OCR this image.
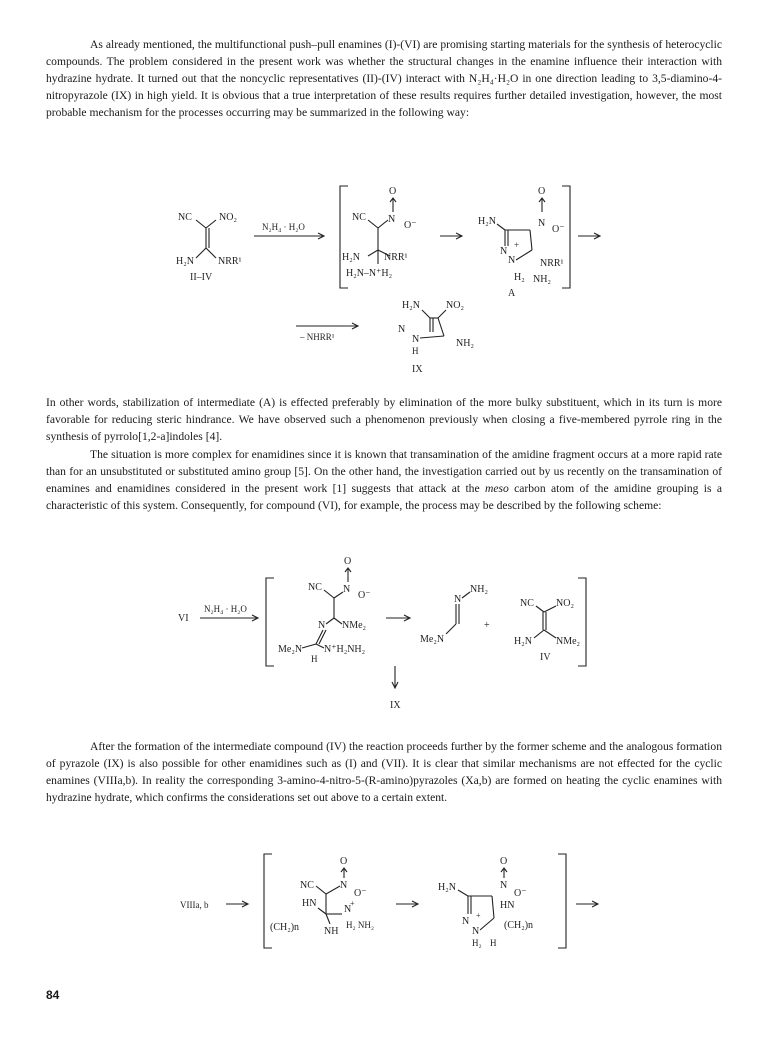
As already mentioned, the multifunctional push–pull enamines (I)-(VI) are promising starting materials for the synthesis of heterocyclic compounds. The problem considered in the present work was whether the structural changes in the enamine influence their interaction with hydrazine hydrate. It turned out that the noncyclic representatives (II)-(IV) interact with N₂H₄·H₂O in one direction leading to 3,5-diamino-4-nitropyrazole (IX) in high yield. It is obvious that a true interpretation of these results requires further detailed investigation, however, the most probable mechanism for the processes occurring may be summarized in the following way:

NC	NO₂
H₂N NRR¹
II–IV
N₂H₄ · H₂O
O
NC N
O⁻
H₂N NRR¹
H₂N–N⁺H₂
O
H₂N	N
O⁻
N
+
N NRR¹
H₂ NH₂
A
H₂N	NO₂
N
N	NH₂
H
IX
– NHRR¹

In other words, stabilization of intermediate (A) is effected preferably by elimination of the more bulky substituent, which in its turn is more favorable for reducing steric hindrance. We have observed such a phenomenon previously when closing a five-membered pyrrole ring in the synthesis of pyrrolo[1,2-a]indoles [4].

The situation is more complex for enamidines since it is known that transamination of the amidine fragment occurs at a more rapid rate than for an unsubstituted or substituted amino group [5]. On the other hand, the investigation carried out by us recently on the transamination of enamines and enamidines considered in the present work [1] suggests that attack at the meso carbon atom of the amidine grouping is a characteristic of this system. Consequently, for compound (VI), for example, the process may be described by the following scheme:

VI
N₂H₄ · H₂O
O
NC N
O⁻
N NMe₂
Me₂N N⁺H₂NH₂
H
NH₂
N
Me₂N
+
NC NO₂
H₂N NMe₂
IV
IX

After the formation of the intermediate compound (IV) the reaction proceeds further by the former scheme and the analogous formation of pyrazole (IX) is also possible for other enamidines such as (I) and (VII). It is clear that similar mechanisms are not effected for the cyclic enamines (VIIIa,b). In reality the corresponding 3-amino-4-nitro-5-(R-amino)pyrazoles (Xa,b) are formed on heating the cyclic enamines with hydrazine hydrate, which confirms the considerations set out above to a certain extent.

VIIIa, b
O
NC	N
O⁻
HN
N
+
(CH₂)n NH
H₂ NH₂
O
H₂N	N
O⁻
HN
N
+
N
(CH₂)n
H₂ H
84
